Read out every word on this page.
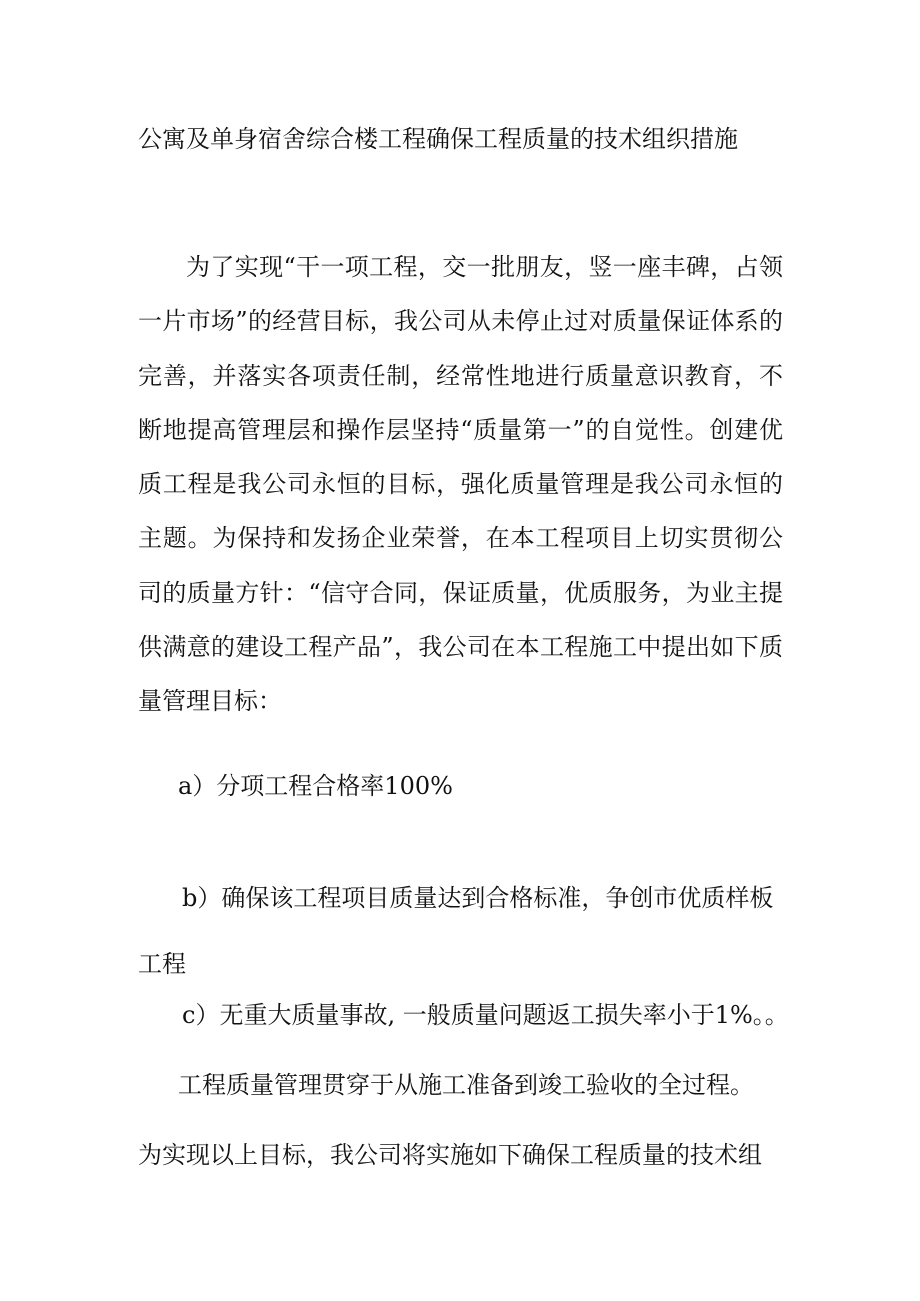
公寓及单身宿舍综合楼工程确保工程质量的技术组织措施

为了实现“干一项工程，交一批朋友，竖一座丰碑，占领一片市场”的经营目标，我公司从未停止过对质量保证体系的完善，并落实各项责任制，经常性地进行质量意识教育，不断地提高管理层和操作层坚持“质量第一”的自觉性。创建优质工程是我公司永恒的目标，强化质量管理是我公司永恒的主题。为保持和发扬企业荣誉，在本工程项目上切实贯彻公司的质量方针：“信守合同，保证质量，优质服务，为业主提供满意的建设工程产品”，我公司在本工程施工中提出如下质量管理目标：

a）分项工程合格率100%

b）确保该工程项目质量达到合格标准，争创市优质样板工程

c）无重大质量事故, 一般质量问题返工损失率小于1%。。
工程质量管理贯穿于从施工准备到竣工验收的全过程。
为实现以上目标，我公司将实施如下确保工程质量的技术组
